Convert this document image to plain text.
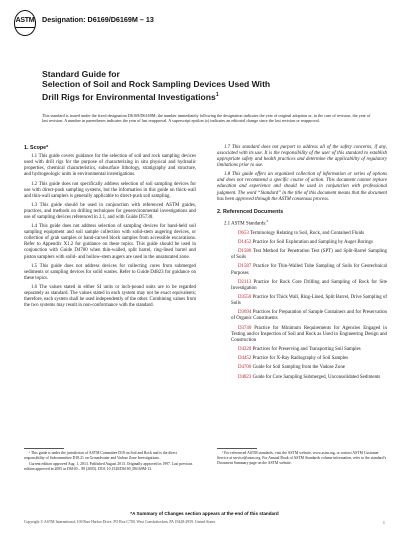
ASTM Designation: D6169/D6169M – 13
Standard Guide for
Selection of Soil and Rock Sampling Devices Used With
Drill Rigs for Environmental Investigations$^1$
This standard is issued under the fixed designation D6169/D6169M; the number immediately following the designation indicates the year of original adoption or, in the case of revision, the year of last revision. A number in parentheses indicates the year of last reapproval. A superscript epsilon (ε) indicates an editorial change since the last revision or reapproval.

1. Scope*

1.1 This guide covers guidance for the selection of soil and rock sampling devices used with drill rigs for the purpose of characterizing in situ physical and hydraulic properties, chemical characteristics, subsurface lithology, stratigraphy and structure, and hydrogeologic units in environmental investigations.

1.2 This guide does not specifically address selection of soil sampling devices for use with direct-push sampling systems, but the information in this guide on thick-wall and thin-wall samplers is generally applicable to direct-push soil sampling.

1.3 This guide should be used in conjunction with referenced ASTM guides, practices, and methods on drilling techniques for geoenvironmental investigations and use of sampling devices referenced in 2.1, and with Guide D5730.

1.4 This guide does not address selection of sampling devices for hand-held soil sampling equipment and soil sample collection with solid-stem augering devices, or collection of grab samples or hand-carved block samples from accessible excavations. Refer to Appendix X1.2 for guidance on these topics. This guide should be used in conjunction with Guide D4700 when thin-walled, split barrel, ring-lined barrel and piston samplers with solid- and hollow-stem augers are used in the unsaturated zone.

1.5 This guide does not address devices for collecting cores from submerged sediments or sampling devices for solid wastes. Refer to Guide D4823 for guidance on these topics.

1.6 The values stated in either SI units or inch-pound units are to be regarded separately as standard. The values stated in each system may not be exact equivalents; therefore, each system shall be used independently of the other. Combining values from the two systems may result in non-conformance with the standard.

1.7 This standard does not purport to address all of the safety concerns, if any, associated with its use. It is the responsibility of the user of this standard to establish appropriate safety and health practices and determine the applicability of regulatory limitations prior to use.

1.8 This guide offers an organized collection of information or series of options and does not recommend a specific course of action. This document cannot replace education and experience and should be used in conjunction with professional judgment. The word “Standard” in the title of this document means that the document has been approved through the ASTM consensus process.

2. Referenced Documents

2.1 ASTM Standards:$^2$

D653 Terminology Relating to Soil, Rock, and Contained Fluids

D1452 Practice for Soil Exploration and Sampling by Auger Borings

D1586 Test Method for Penetration Test (SPT) and Split-Barrel Sampling of Soils

D1587 Practice for Thin-Walled Tube Sampling of Soils for Geotechnical Purposes

D2113 Practice for Rock Core Drilling and Sampling of Rock for Site Investigation

D3550 Practice for Thick Wall, Ring-Lined, Split Barrel, Drive Sampling of Soils

D3694 Practices for Preparation of Sample Containers and for Preservation of Organic Constituents

D3740 Practice for Minimum Requirements for Agencies Engaged in Testing and/or Inspection of Soil and Rock as Used in Engineering Design and Construction

D4220 Practices for Preserving and Transporting Soil Samples

D4452 Practice for X-Ray Radiography of Soil Samples

D4700 Guide for Soil Sampling from the Vadose Zone

D4823 Guide for Core Sampling Submerged, Unconsolidated Sediments

¹ This guide is under the jurisdiction of ASTM Committee D18 on Soil and Rock and is the direct responsibility of Subcommittee D18.21 on Groundwater and Vadose Zone Investigations.
Current edition approved Aug. 1, 2013. Published August 2013. Originally approved in 1997. Last previous edition approved in 2005 as D6169 – 98 (2005). DOI: 10.1520/D6169_D6169M-13.
² For referenced ASTM standards, visit the ASTM website, www.astm.org, or contact ASTM Customer Service at service@astm.org. For Annual Book of ASTM Standards volume information, refer to the standard’s Document Summary page on the ASTM website.
*A Summary of Changes section appears at the end of this standard
Copyright © ASTM International, 100 Barr Harbor Drive, PO Box C700, West Conshohocken, PA 19428-2959. United States	1
